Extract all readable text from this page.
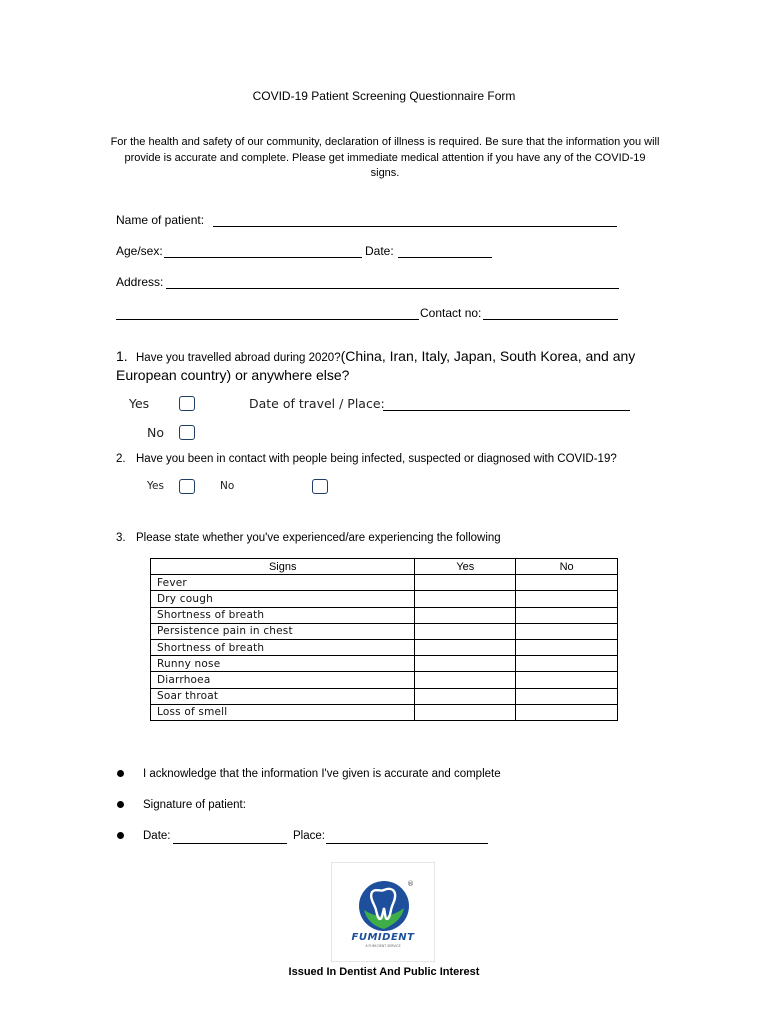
COVID-19 Patient Screening Questionnaire Form
For the health and safety of our community, declaration of illness is required. Be sure that the information you will provide is accurate and complete. Please get immediate medical attention if you have any of the COVID-19 signs.
Name of patient:
Age/sex:	Date:
Address:
Contact no:
1. Have you travelled abroad during 2020?(China, Iran, Italy, Japan, South Korea, and any
European country) or anywhere else?
Yes	Date of travel / Place:
No
2. Have you been in contact with people being infected, suspected or diagnosed with COVID-19?
Yes	No
3. Please state whether you've experienced/are experiencing the following
Signs	Yes	No
Fever		
Dry cough		
Shortness of breath		
Persistence pain in chest		
Shortness of breath		
Runny nose		
Diarrhoea		
Soar throat		
Loss of smell		
I acknowledge that the information I've given is accurate and complete
Signature of patient:
Date:	Place:
®
FUMIDENT
A FUMI DENT SERVICE
Issued In Dentist And Public Interest
